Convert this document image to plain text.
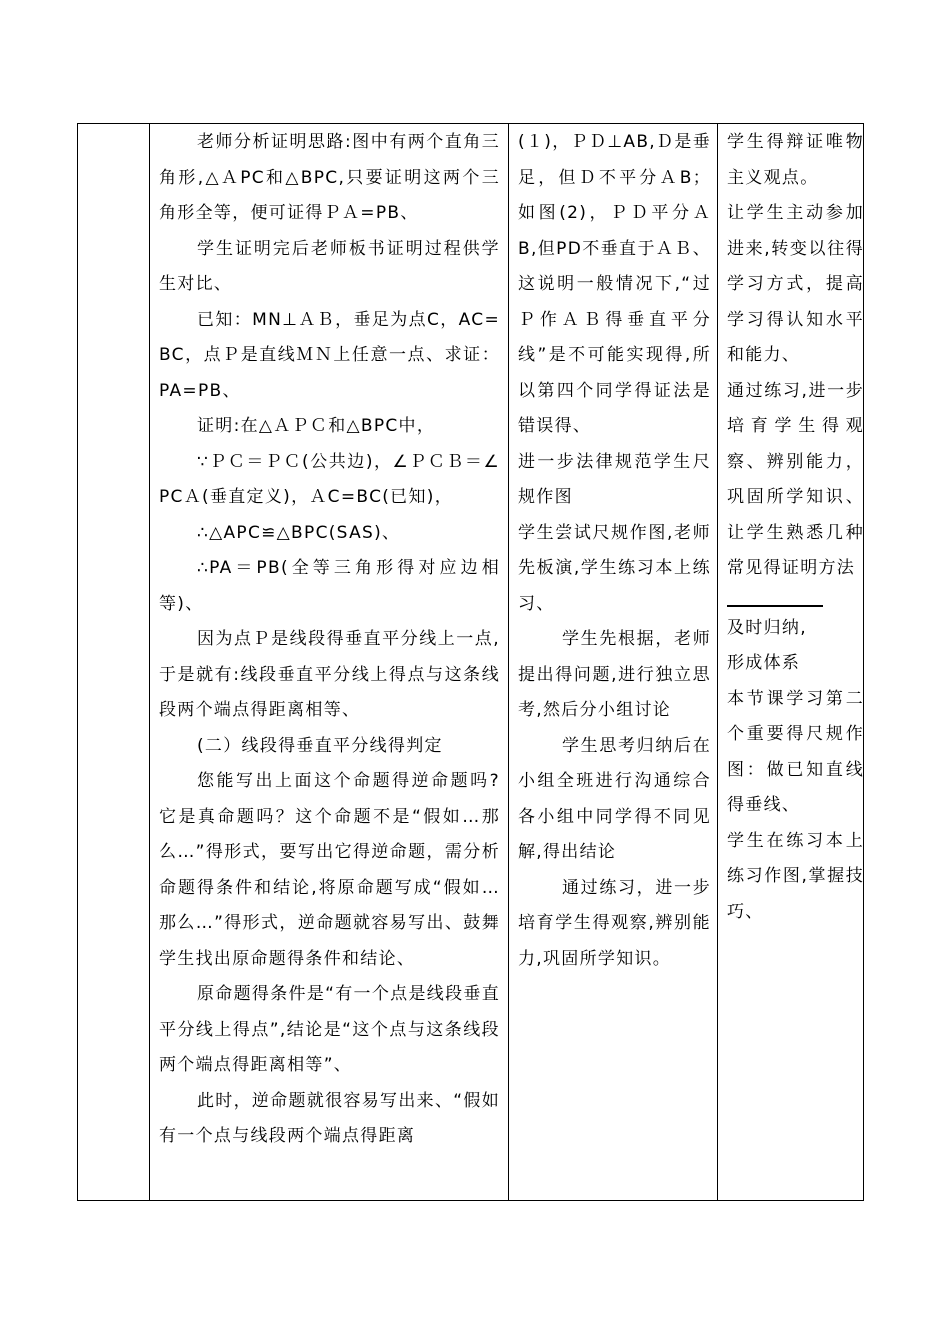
老师分析证明思路:图中有两个直角三角形,△ＡPC和△BPC,只要证明这两个三角形全等，便可证得ＰＡ=PB、

学生证明完后老师板书证明过程供学生对比、

已知：MN⊥ＡＢ，垂足为点C，AC=BC，点Ｐ是直线ＭＮ上任意一点、求证：PA=PB、

证明:在△ＡＰＣ和△BPC中，

∵ＰＣ＝ＰＣ(公共边)，∠ＰＣＢ＝∠PCＡ(垂直定义)，ＡC=BC(已知)，

∴△APC≌△BPC(SAS)、

∴PA＝PB(全等三角形得对应边相等)、

因为点Ｐ是线段得垂直平分线上一点,于是就有:线段垂直平分线上得点与这条线段两个端点得距离相等、

(二）线段得垂直平分线得判定

您能写出上面这个命题得逆命题吗?它是真命题吗？这个命题不是“假如…那么…”得形式，要写出它得逆命题，需分析命题得条件和结论,将原命题写成“假如…那么…”得形式，逆命题就容易写出、鼓舞学生找出原命题得条件和结论、

原命题得条件是“有一个点是线段垂直平分线上得点”,结论是“这个点与这条线段两个端点得距离相等”、

此时，逆命题就很容易写出来、“假如有一个点与线段两个端点得距离

(１)，ＰＤ⊥AB,Ｄ是垂足，但Ｄ不平分ＡB；如图(2)，ＰＤ平分ＡB,但PD不垂直于ＡＢ、这说明一般情况下,“过Ｐ作ＡＢ得垂直平分线”是不可能实现得,所以第四个同学得证法是错误得、

进一步法律规范学生尺规作图

学生尝试尺规作图,老师先板演,学生练习本上练习、

学生先根据，老师提出得问题,进行独立思考,然后分小组讨论

学生思考归纳后在小组全班进行沟通综合各小组中同学得不同见解,得出结论

通过练习，进一步培育学生得观察,辨别能力,巩固所学知识。

学生得辩证唯物主义观点。

让学生主动参加进来,转变以往得学习方式，提高学习得认知水平和能力、

通过练习,进一步培育学生得观察、辨别能力，巩固所学知识、让学生熟悉几种常见得证明方法

及时归纳,

形成体系

本节课学习第二个重要得尺规作图：做已知直线得垂线、

学生在练习本上练习作图,掌握技巧、
